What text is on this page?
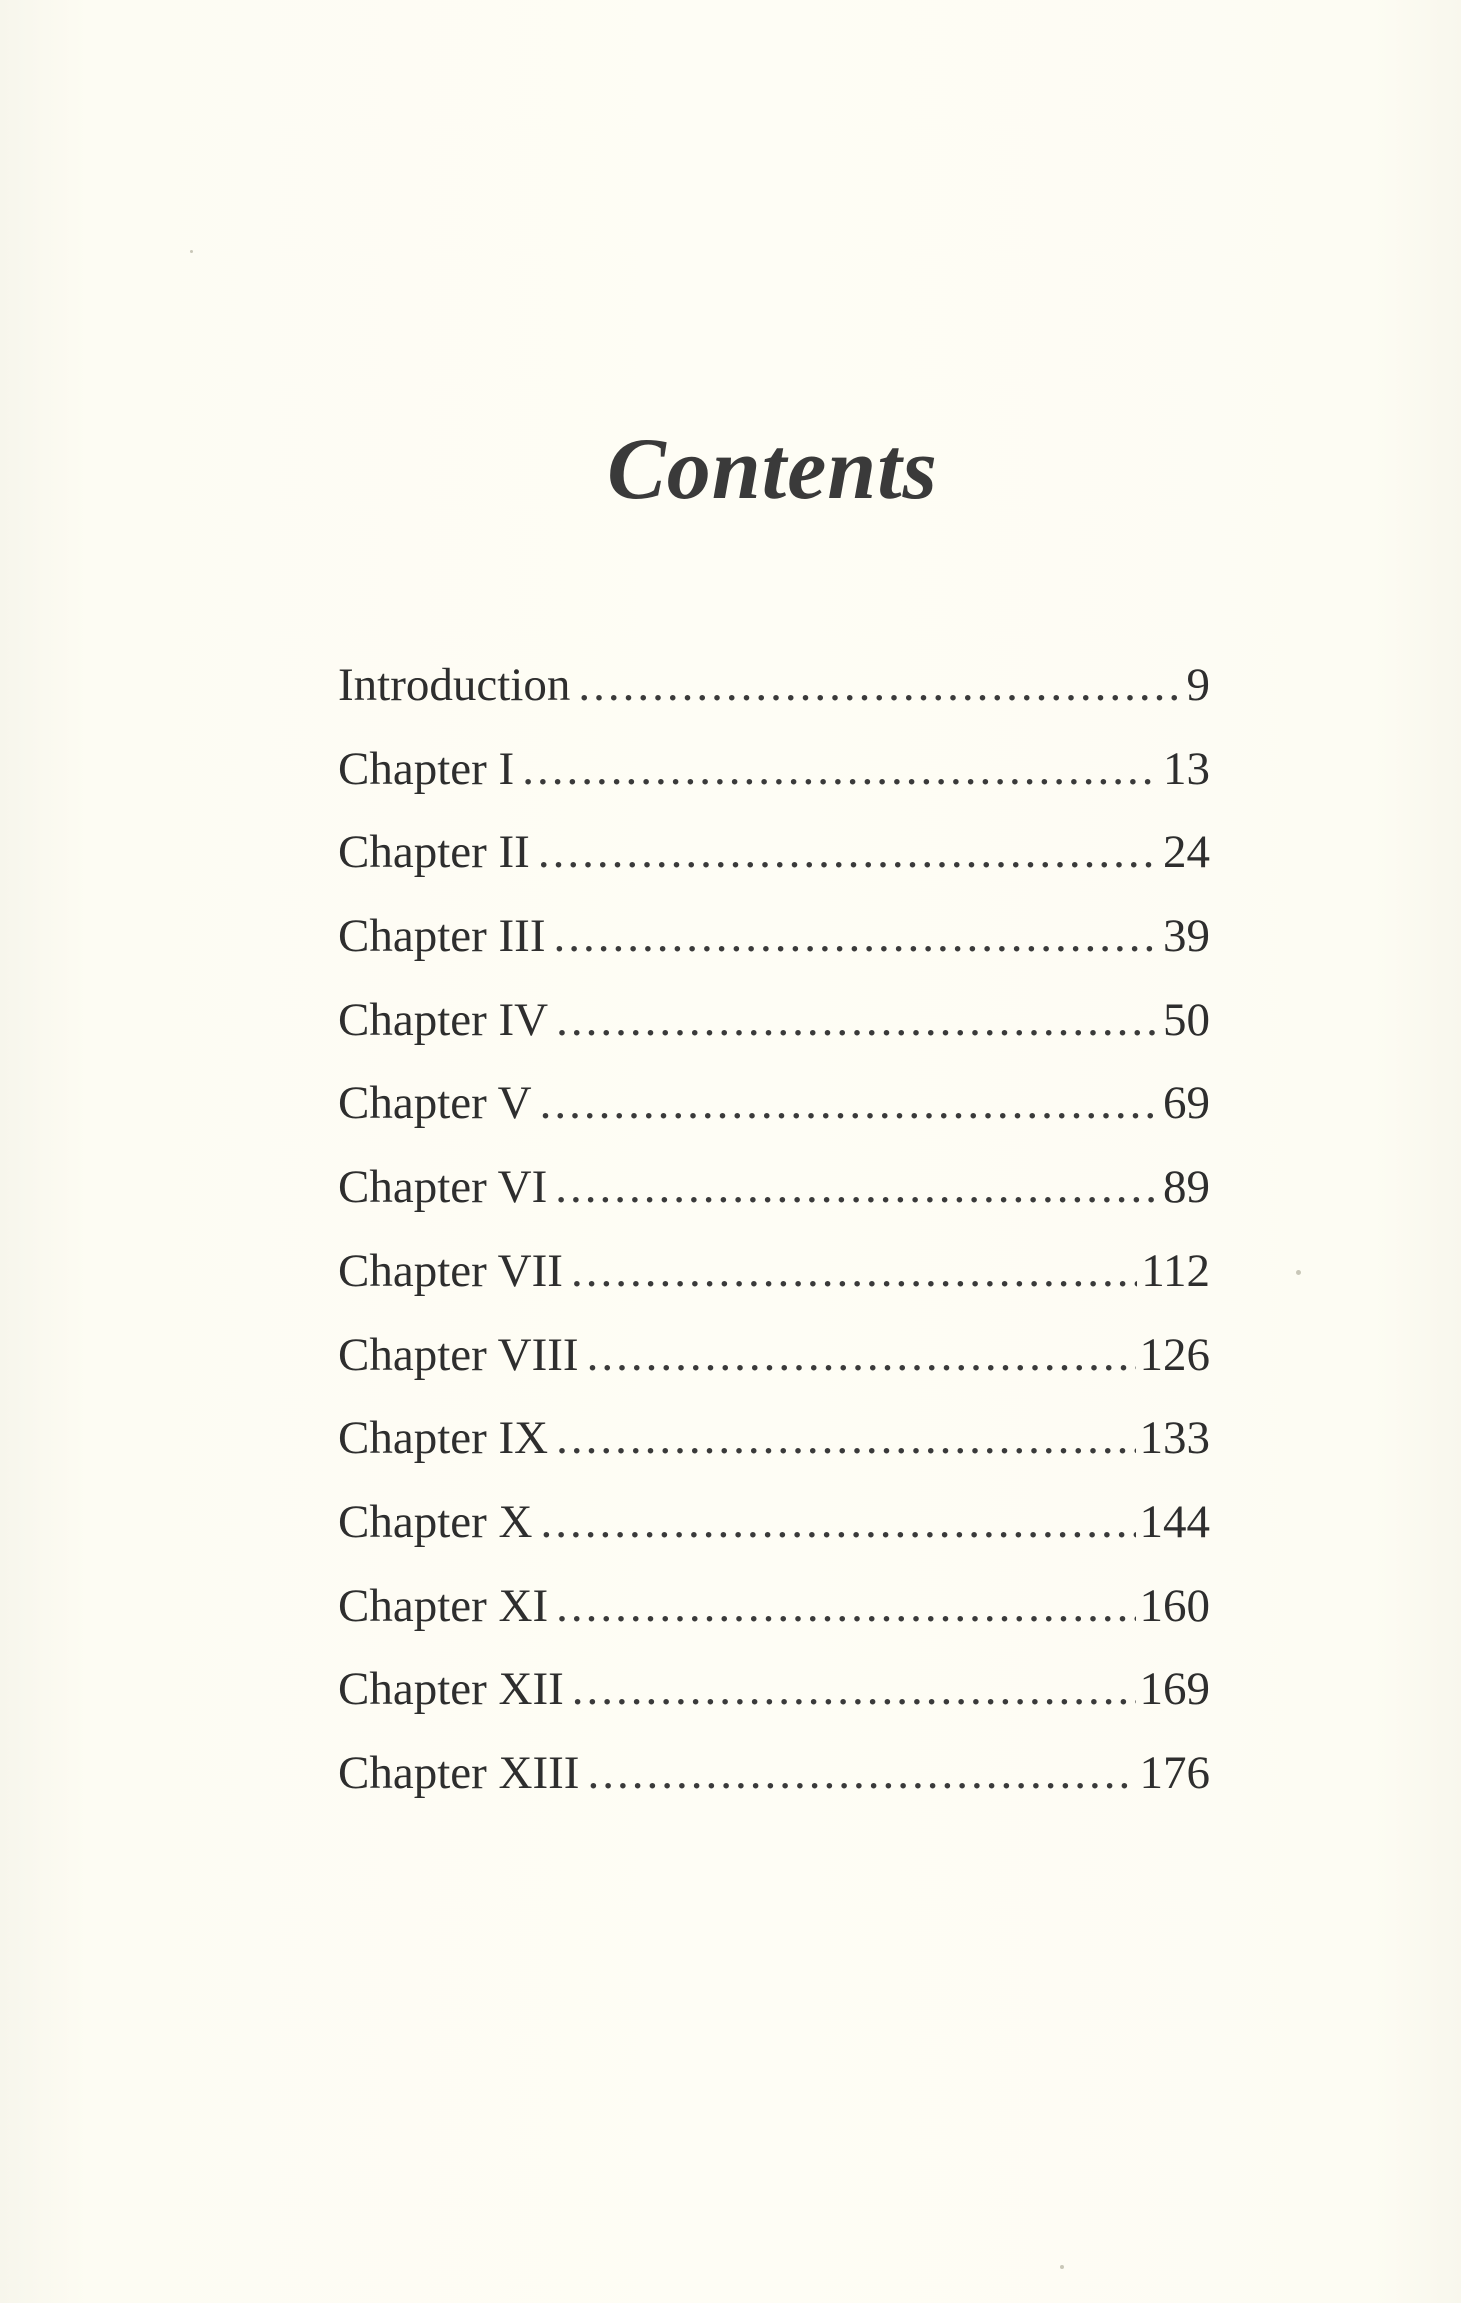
Contents
Introduction .....	9
Chapter I .....	13
Chapter II .....	24
Chapter III .....	39
Chapter IV .....	50
Chapter V .....	69
Chapter VI .....	89
Chapter VII .....	112
Chapter VIII .....	126
Chapter IX .....	133
Chapter X .....	144
Chapter XI .....	160
Chapter XII .....	169
Chapter XIII .....	176
